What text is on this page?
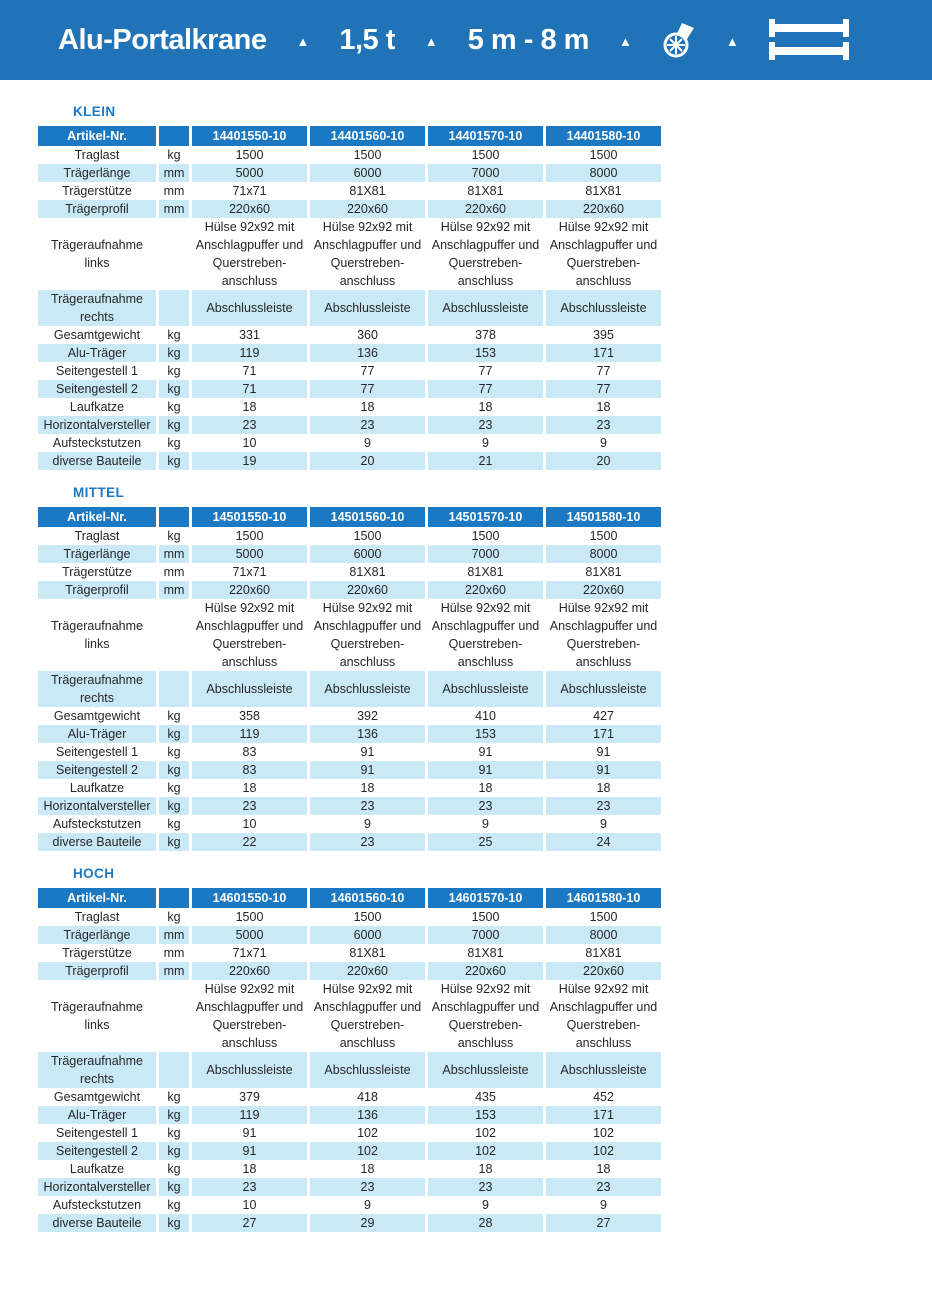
Alu-Portalkrane ▲ 1,5 t ▲ 5 m - 8 m ▲	▲
KLEIN
Artikel-Nr.		14401550-10	14401560-10	14401570-10	14401580-10
Traglast	kg	1500	1500	1500	1500
Trägerlänge	mm	5000	6000	7000	8000
Trägerstütze	mm	71x71	81X81	81X81	81X81
Trägerprofil	mm	220x60	220x60	220x60	220x60
Trägeraufnahme links		Hülse 92x92 mit Anschlagpuffer und Querstrebenanschluss	Hülse 92x92 mit Anschlagpuffer und Querstrebenanschluss	Hülse 92x92 mit Anschlagpuffer und Querstrebenanschluss	Hülse 92x92 mit Anschlagpuffer und Querstrebenanschluss
Trägeraufnahme rechts		Abschlussleiste	Abschlussleiste	Abschlussleiste	Abschlussleiste
Gesamtgewicht	kg	331	360	378	395
Alu-Träger	kg	119	136	153	171
Seitengestell 1	kg	71	77	77	77
Seitengestell 2	kg	71	77	77	77
Laufkatze	kg	18	18	18	18
Horizontalversteller	kg	23	23	23	23
Aufsteckstutzen	kg	10	9	9	9
diverse Bauteile	kg	19	20	21	20
MITTEL
Artikel-Nr.		14501550-10	14501560-10	14501570-10	14501580-10
Traglast	kg	1500	1500	1500	1500
Trägerlänge	mm	5000	6000	7000	8000
Trägerstütze	mm	71x71	81X81	81X81	81X81
Trägerprofil	mm	220x60	220x60	220x60	220x60
Trägeraufnahme links		Hülse 92x92 mit Anschlagpuffer und Querstrebenanschluss	Hülse 92x92 mit Anschlagpuffer und Querstrebenanschluss	Hülse 92x92 mit Anschlagpuffer und Querstrebenanschluss	Hülse 92x92 mit Anschlagpuffer und Querstrebenanschluss
Trägeraufnahme rechts		Abschlussleiste	Abschlussleiste	Abschlussleiste	Abschlussleiste
Gesamtgewicht	kg	358	392	410	427
Alu-Träger	kg	119	136	153	171
Seitengestell 1	kg	83	91	91	91
Seitengestell 2	kg	83	91	91	91
Laufkatze	kg	18	18	18	18
Horizontalversteller	kg	23	23	23	23
Aufsteckstutzen	kg	10	9	9	9
diverse Bauteile	kg	22	23	25	24
HOCH
Artikel-Nr.		14601550-10	14601560-10	14601570-10	14601580-10
Traglast	kg	1500	1500	1500	1500
Trägerlänge	mm	5000	6000	7000	8000
Trägerstütze	mm	71x71	81X81	81X81	81X81
Trägerprofil	mm	220x60	220x60	220x60	220x60
Trägeraufnahme links		Hülse 92x92 mit Anschlagpuffer und Querstrebenanschluss	Hülse 92x92 mit Anschlagpuffer und Querstrebenanschluss	Hülse 92x92 mit Anschlagpuffer und Querstrebenanschluss	Hülse 92x92 mit Anschlagpuffer und Querstrebenanschluss
Trägeraufnahme rechts		Abschlussleiste	Abschlussleiste	Abschlussleiste	Abschlussleiste
Gesamtgewicht	kg	379	418	435	452
Alu-Träger	kg	119	136	153	171
Seitengestell 1	kg	91	102	102	102
Seitengestell 2	kg	91	102	102	102
Laufkatze	kg	18	18	18	18
Horizontalversteller	kg	23	23	23	23
Aufsteckstutzen	kg	10	9	9	9
diverse Bauteile	kg	27	29	28	27
